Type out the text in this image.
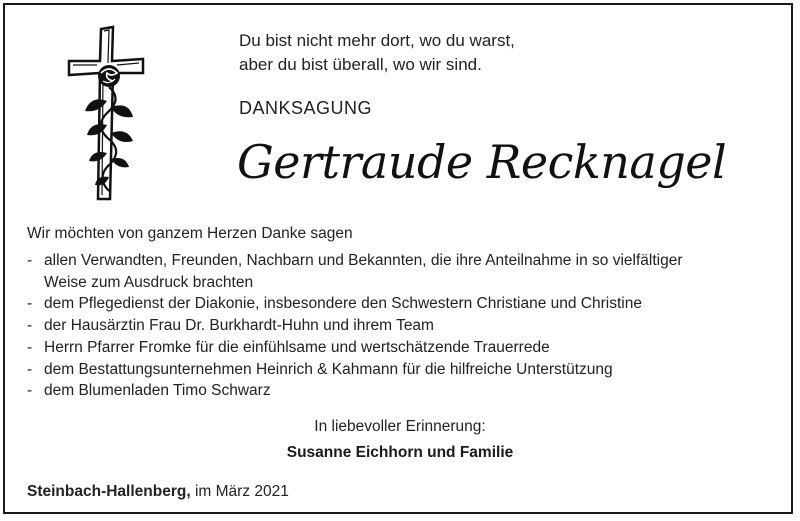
Du bist nicht mehr dort, wo du warst,
aber du bist überall, wo wir sind.
DANKSAGUNG
Gertraude Recknagel
Wir möchten von ganzem Herzen Danke sagen
- allen Verwandten, Freunden, Nachbarn und Bekannten, die ihre Anteilnahme in so vielfältiger
Weise zum Ausdruck brachten
- dem Pflegedienst der Diakonie, insbesondere den Schwestern Christiane und Christine
- der Hausärztin Frau Dr. Burkhardt-Huhn und ihrem Team
- Herrn Pfarrer Fromke für die einfühlsame und wertschätzende Trauerrede
- dem Bestattungsunternehmen Heinrich & Kahmann für die hilfreiche Unterstützung
- dem Blumenladen Timo Schwarz
In liebevoller Erinnerung:
Susanne Eichhorn und Familie
Steinbach-Hallenberg, im März 2021
